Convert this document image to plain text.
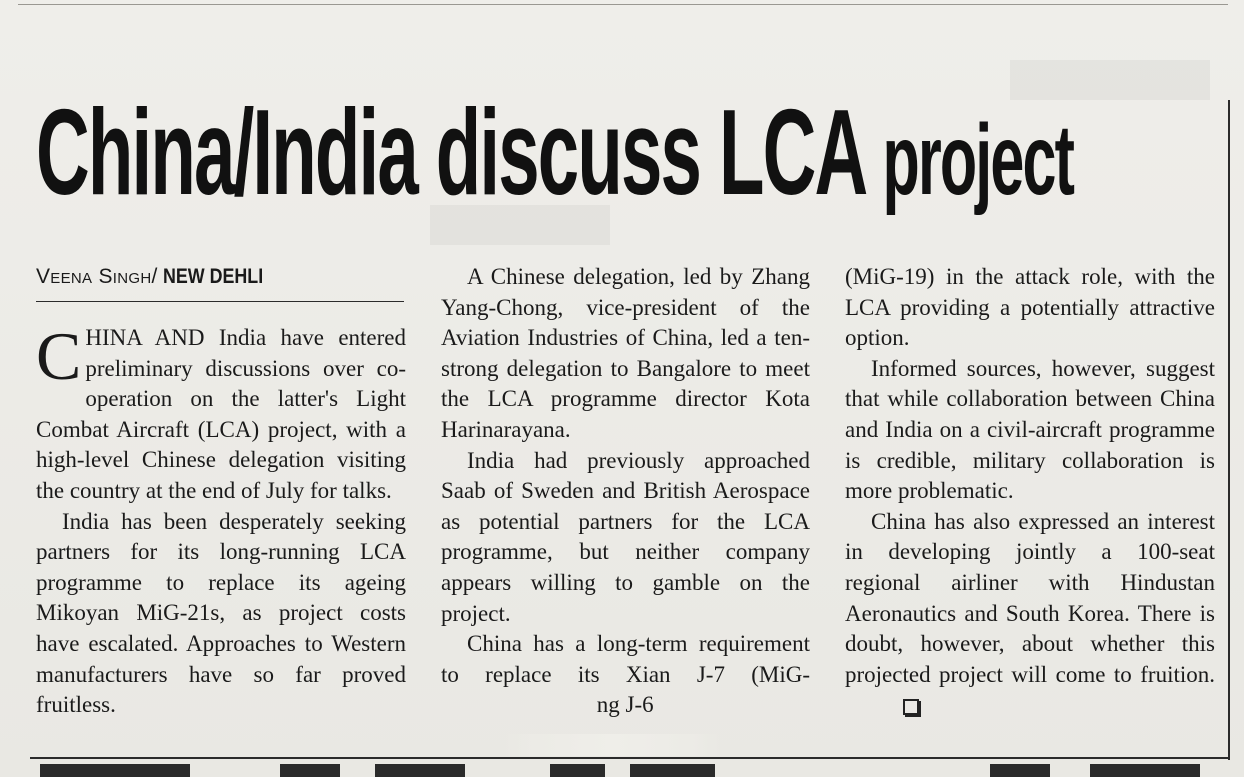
China/India discuss LCA project
Veena Singh/ NEW DEHLI

CHINA AND India have entered preliminary discussions over co-operation on the latter's Light Combat Aircraft (LCA) project, with a high-level Chinese delegation visiting the country at the end of July for talks.

India has been desperately seeking partners for its long-running LCA programme to replace its ageing Mikoyan MiG-21s, as project costs have escalated. Approaches to Western manufacturers have so far proved fruitless.

A Chinese delegation, led by Zhang Yang-Chong, vice-president of the Aviation Industries of China, led a ten-strong delegation to Bangalore to meet the LCA programme director Kota Harinarayana.

India had previously approached Saab of Sweden and British Aerospace as potential partners for the LCA programme, but neither company appears willing to gamble on the project.

China has a long-term requirement to replace its Xian J-7 (MiG-  ng J-6

(MiG-19) in the attack role, with the LCA providing a potentially attractive option.

Informed sources, however, suggest that while collaboration between China and India on a civil-aircraft programme is credible, military collaboration is more problematic.

China has also expressed an interest in developing jointly a 100-seat regional airliner with Hindustan Aeronautics and South Korea. There is doubt, however, about whether this projected project will come to fruition.
